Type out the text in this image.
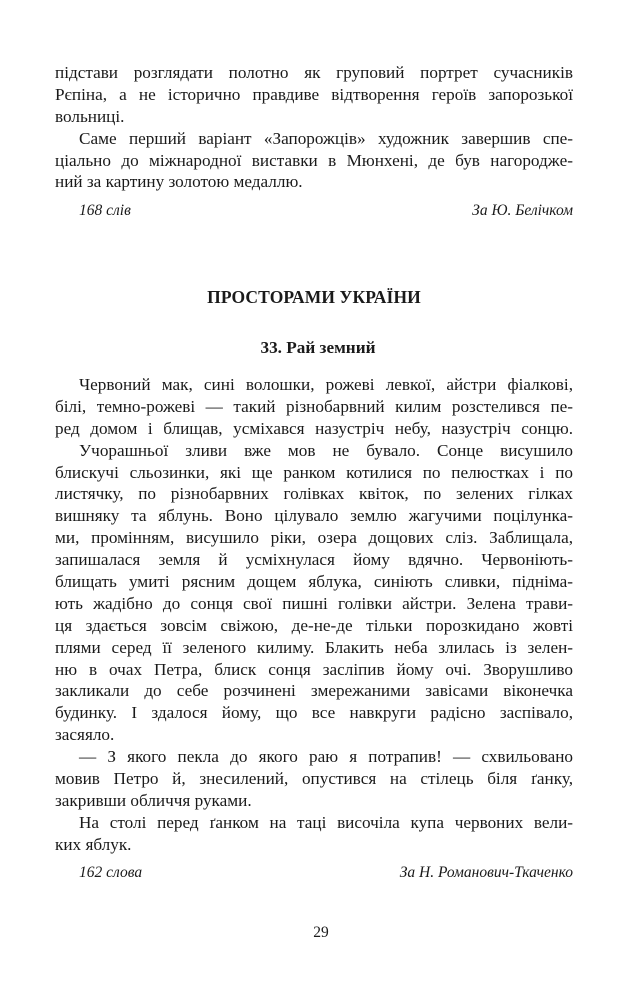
підстави розглядати полотно як груповий портрет сучасників

Рєпіна, а не історично правдиве відтворення героїв запорозької

вольниці.

Саме перший варіант «Запорожців» художник завершив спе-

ціально до міжнародної виставки в Мюнхені, де був нагороджe-

ний за картину золотою медаллю.

168 слів	За Ю. Белічком
ПРОСТОРАМИ УКРАЇНИ
33. Рай земний

Червоний мак, сині волошки, рожеві левкої, айстри фіалкові,

білі, темно-рожеві — такий різнобарвний килим розстелився пе-

ред домом і блищав, усміхався назустріч небу, назустріч сонцю.

Учорашньої зливи вже мов не бувало. Сонце висушило

блискучі сльозинки, які ще ранком котилися по пелюстках і по

листячку, по різнобарвних голівках квіток, по зелених гілках

вишняку та яблунь. Воно цілувало землю жагучими поцілунка-

ми, промінням, висушило ріки, озера дощових сліз. Заблищала,

запишалася земля й усміхнулася йому вдячно. Червоніють-

блищать умиті рясним дощем яблука, синіють сливки, підніма-

ють жадібно до сонця свої пишні голівки айстри. Зелена трави-

ця здається зовсім свіжою, де-не-де тільки порозкидано жовті

плями серед її зеленого килиму. Блакить неба злилась із зелен-

ню в очах Петра, блиск сонця засліпив йому очі. Зворушливо

закликали до себе розчинені змережаними завісами віконечка

будинку. І здалося йому, що все навкруги радісно заспівало,

засяяло.

— З якого пекла до якого раю я потрапив! — схвильовано

мовив Петро й, знесилений, опустився на стілець біля ґанку,

закривши обличчя руками.

На столі перед ґанком на таці височіла купа червоних вели-

ких яблук.

162 слова	За Н. Романович-Ткаченко
29
